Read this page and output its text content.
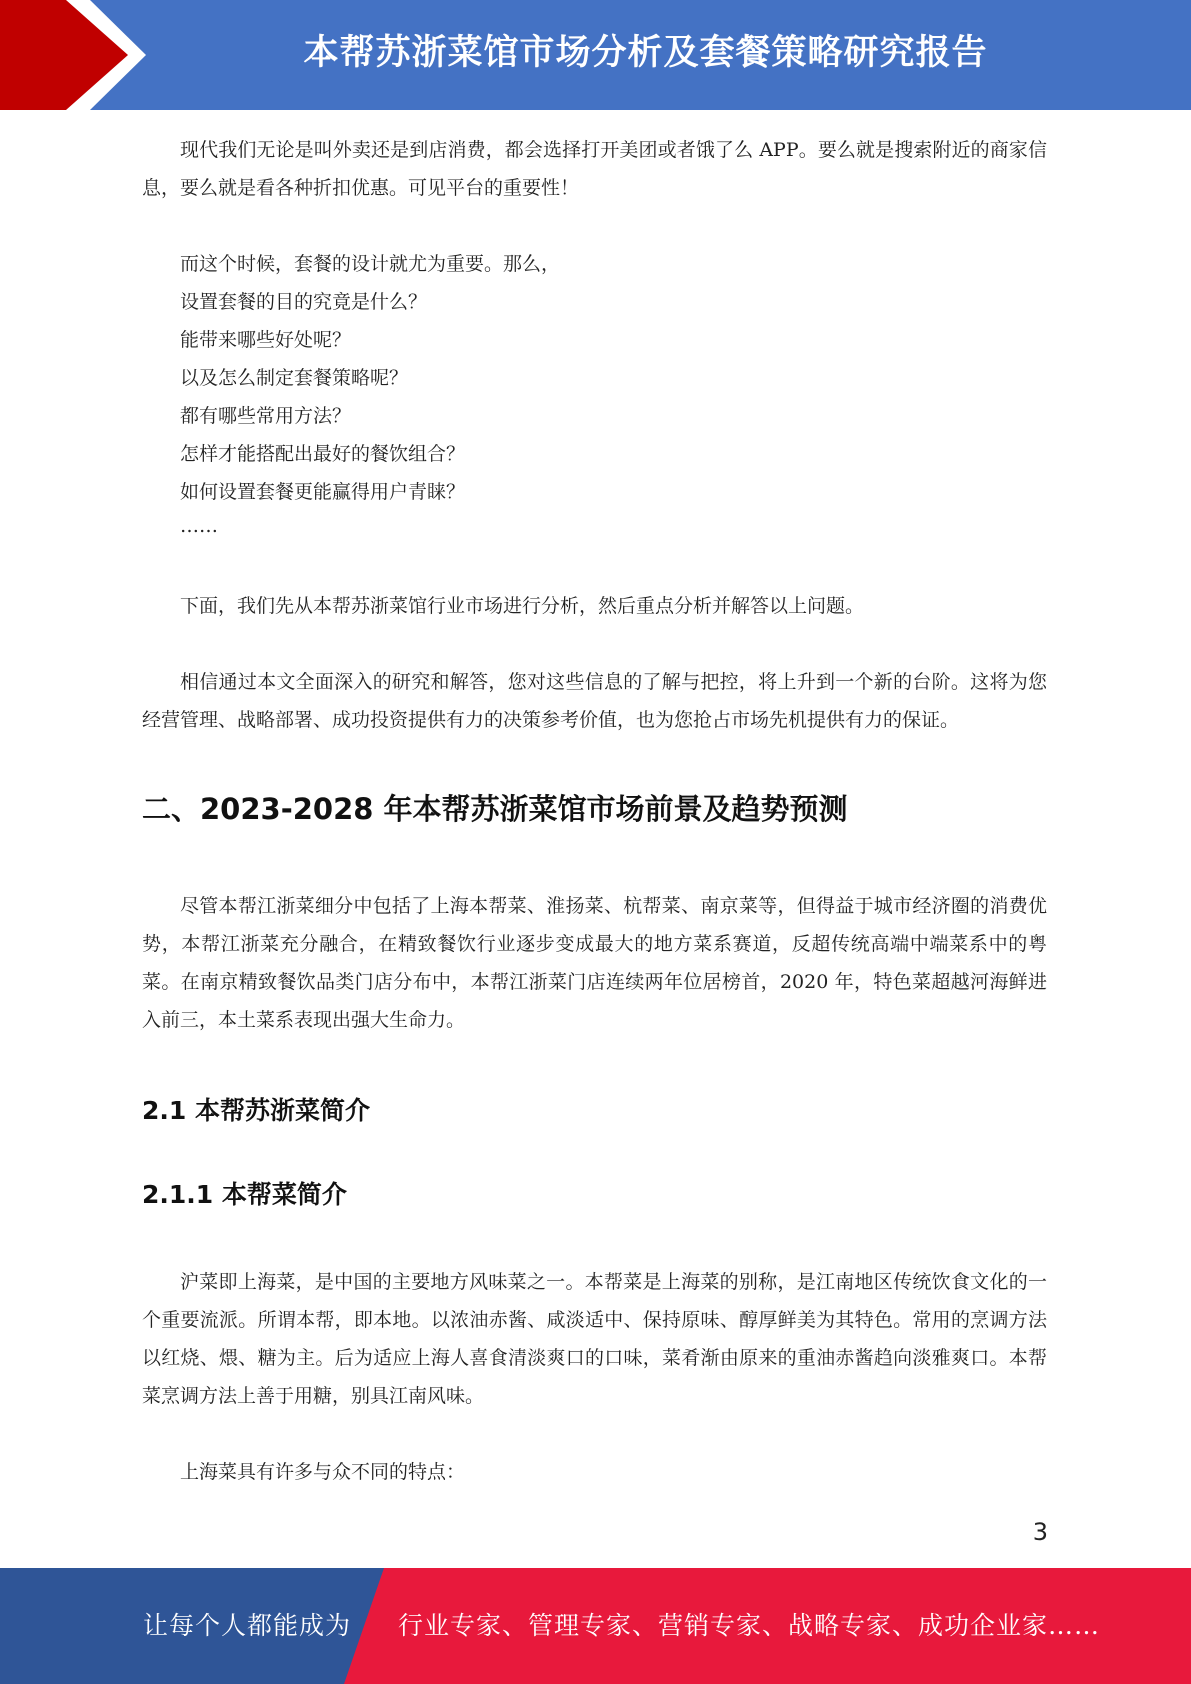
本帮苏浙菜馆市场分析及套餐策略研究报告

现代我们无论是叫外卖还是到店消费，都会选择打开美团或者饿了么 APP。要么就是搜索附近的商家信息，要么就是看各种折扣优惠。可见平台的重要性！

而这个时候，套餐的设计就尤为重要。那么，
设置套餐的目的究竟是什么？
能带来哪些好处呢？
以及怎么制定套餐策略呢？
都有哪些常用方法？
怎样才能搭配出最好的餐饮组合？
如何设置套餐更能赢得用户青睐？
……

下面，我们先从本帮苏浙菜馆行业市场进行分析，然后重点分析并解答以上问题。

相信通过本文全面深入的研究和解答，您对这些信息的了解与把控，将上升到一个新的台阶。这将为您经营管理、战略部署、成功投资提供有力的决策参考价值，也为您抢占市场先机提供有力的保证。

二、2023-2028 年本帮苏浙菜馆市场前景及趋势预测

尽管本帮江浙菜细分中包括了上海本帮菜、淮扬菜、杭帮菜、南京菜等，但得益于城市经济圈的消费优势，本帮江浙菜充分融合，在精致餐饮行业逐步变成最大的地方菜系赛道，反超传统高端中端菜系中的粤菜。在南京精致餐饮品类门店分布中，本帮江浙菜门店连续两年位居榜首，2020 年，特色菜超越河海鲜进入前三，本土菜系表现出强大生命力。

2.1 本帮苏浙菜简介
2.1.1 本帮菜简介

沪菜即上海菜，是中国的主要地方风味菜之一。本帮菜是上海菜的别称，是江南地区传统饮食文化的一个重要流派。所谓本帮，即本地。以浓油赤酱、咸淡适中、保持原味、醇厚鲜美为其特色。常用的烹调方法以红烧、煨、糖为主。后为适应上海人喜食清淡爽口的口味，菜肴渐由原来的重油赤酱趋向淡雅爽口。本帮菜烹调方法上善于用糖，别具江南风味。

上海菜具有许多与众不同的特点：

3
让每个人都能成为 行业专家、管理专家、营销专家、战略专家、成功企业家……
